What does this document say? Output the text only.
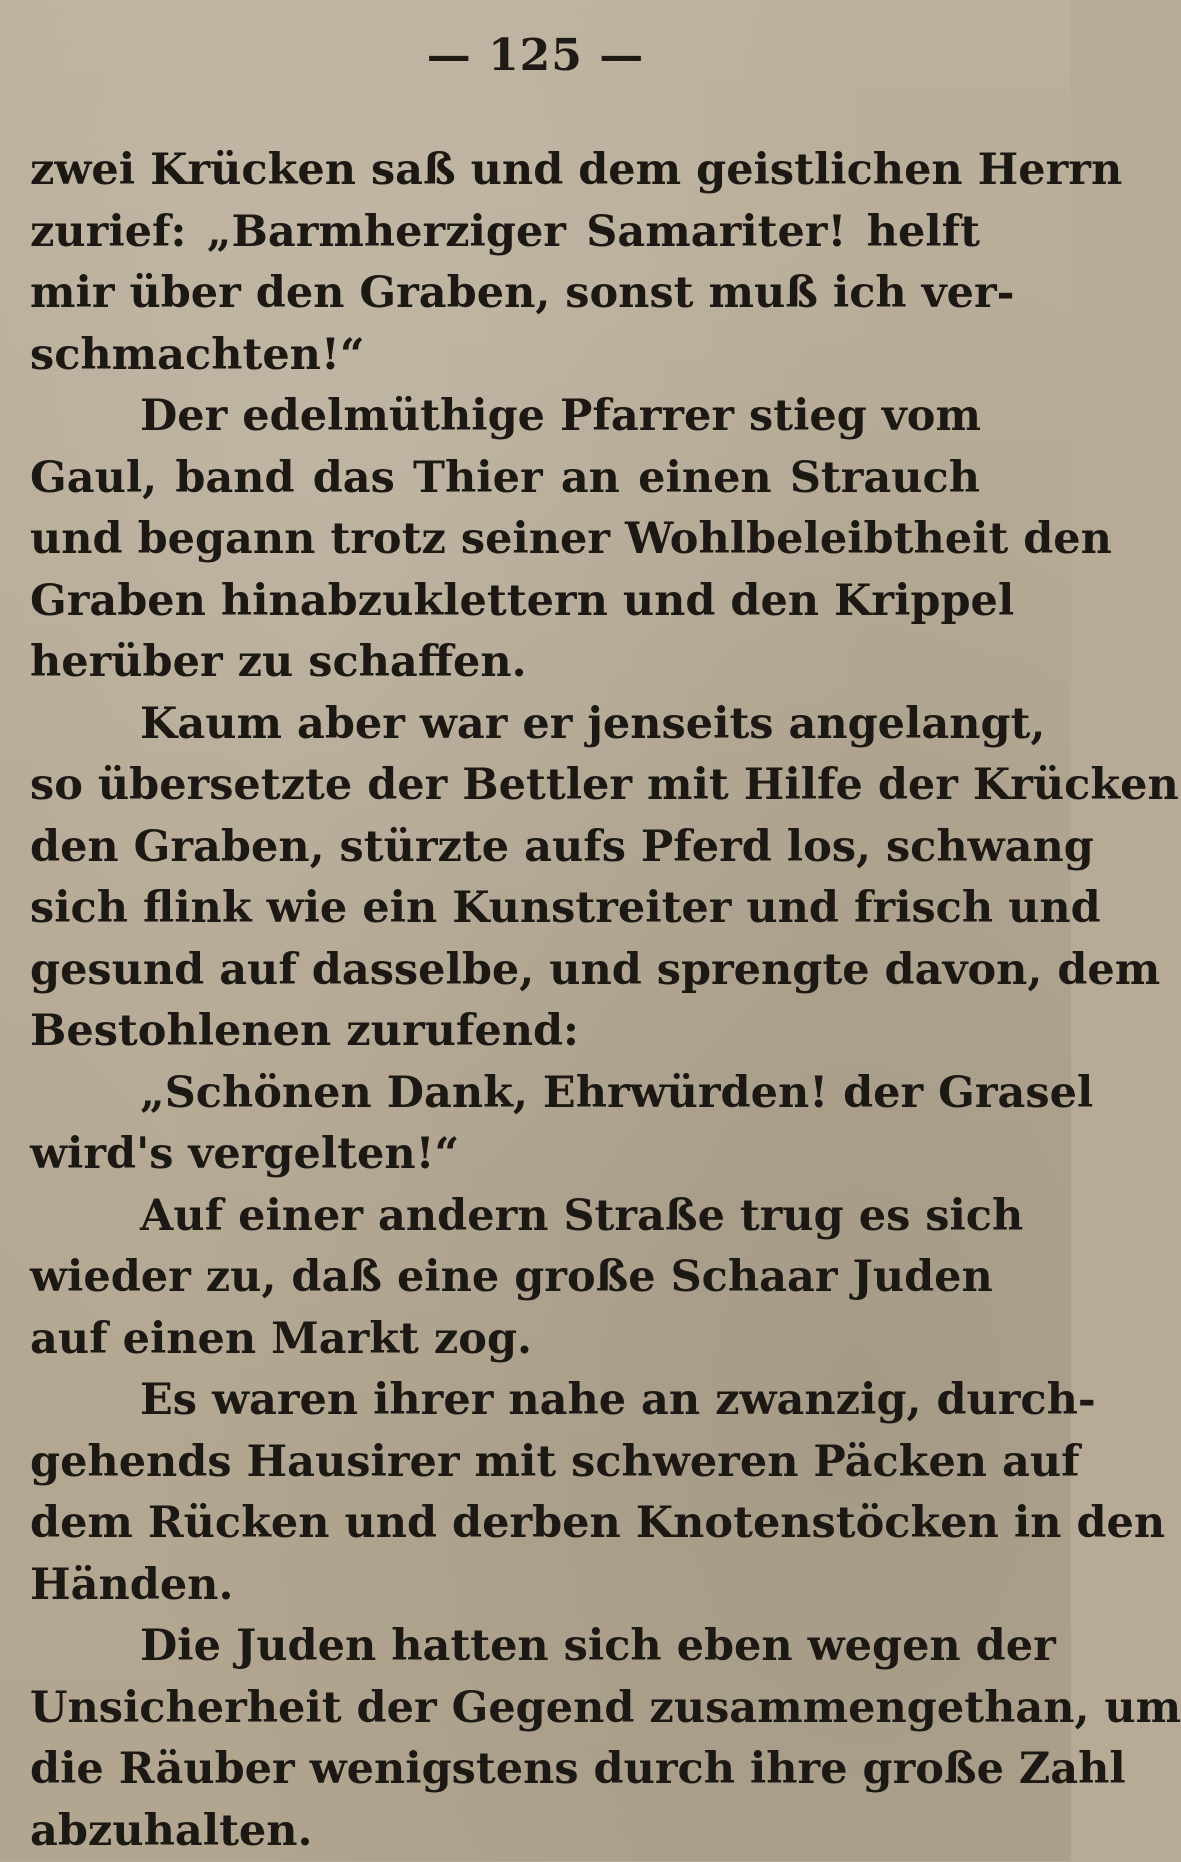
— 125 —
zwei Krücken saß und dem geistlichen Herrn
zurief: „Barmherziger Samariter! helft
mir über den Graben, sonst muß ich ver-
schmachten!“
Der edelmüthige Pfarrer stieg vom
Gaul, band das Thier an einen Strauch
und begann trotz seiner Wohlbeleibtheit den
Graben hinabzuklettern und den Krippel
herüber zu schaffen.
Kaum aber war er jenseits angelangt,
so übersetzte der Bettler mit Hilfe der Krücken
den Graben, stürzte aufs Pferd los, schwang
sich flink wie ein Kunstreiter und frisch und
gesund auf dasselbe, und sprengte davon, dem
Bestohlenen zurufend:
„Schönen Dank, Ehrwürden! der Grasel
wird's vergelten!“
Auf einer andern Straße trug es sich
wieder zu, daß eine große Schaar Juden
auf einen Markt zog.
Es waren ihrer nahe an zwanzig, durch-
gehends Hausirer mit schweren Päcken auf
dem Rücken und derben Knotenstöcken in den
Händen.
Die Juden hatten sich eben wegen der
Unsicherheit der Gegend zusammengethan, um
die Räuber wenigstens durch ihre große Zahl
abzuhalten.
